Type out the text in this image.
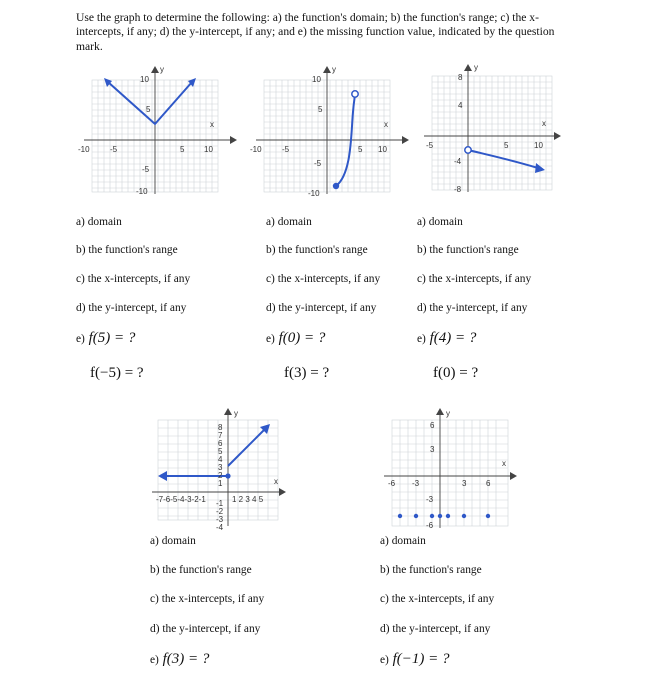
Use the graph to determine the following: a) the function's domain; b) the function's range; c) the x-intercepts, if any; d) the y-intercept, if any; and e) the missing function value, indicated by the question mark.
y
x
-10	-5	5 10
10
5
-5
-10
y
x
-10	-5	5 10
10
5
-5
-10
y
x
-5	5	10
8
4
-4
-8
y
x
8
7
6
5
4
3
2
1
-1
-2
-3
-4
-7-6-5-4-3-2-1	1 2 3 4 5
y
x
6
3
-3
-6
-6 -3	3 6
a) domain
b) the function's range
c) the x-intercepts, if any
d) the y-intercept, if any
e) f(5) = ?
f(−5) = ?
a) domain
b) the function's range
c) the x-intercepts, if any
d) the y-intercept, if any
e) f(0) = ?
f(3) = ?
a) domain
b) the function's range
c) the x-intercepts, if any
d) the y-intercept, if any
e) f(4) = ?
f(0) = ?
a) domain
b) the function's range
c) the x-intercepts, if any
d) the y-intercept, if any
e) f(3) = ?
a) domain
b) the function's range
c) the x-intercepts, if any
d) the y-intercept, if any
e) f(−1) = ?
